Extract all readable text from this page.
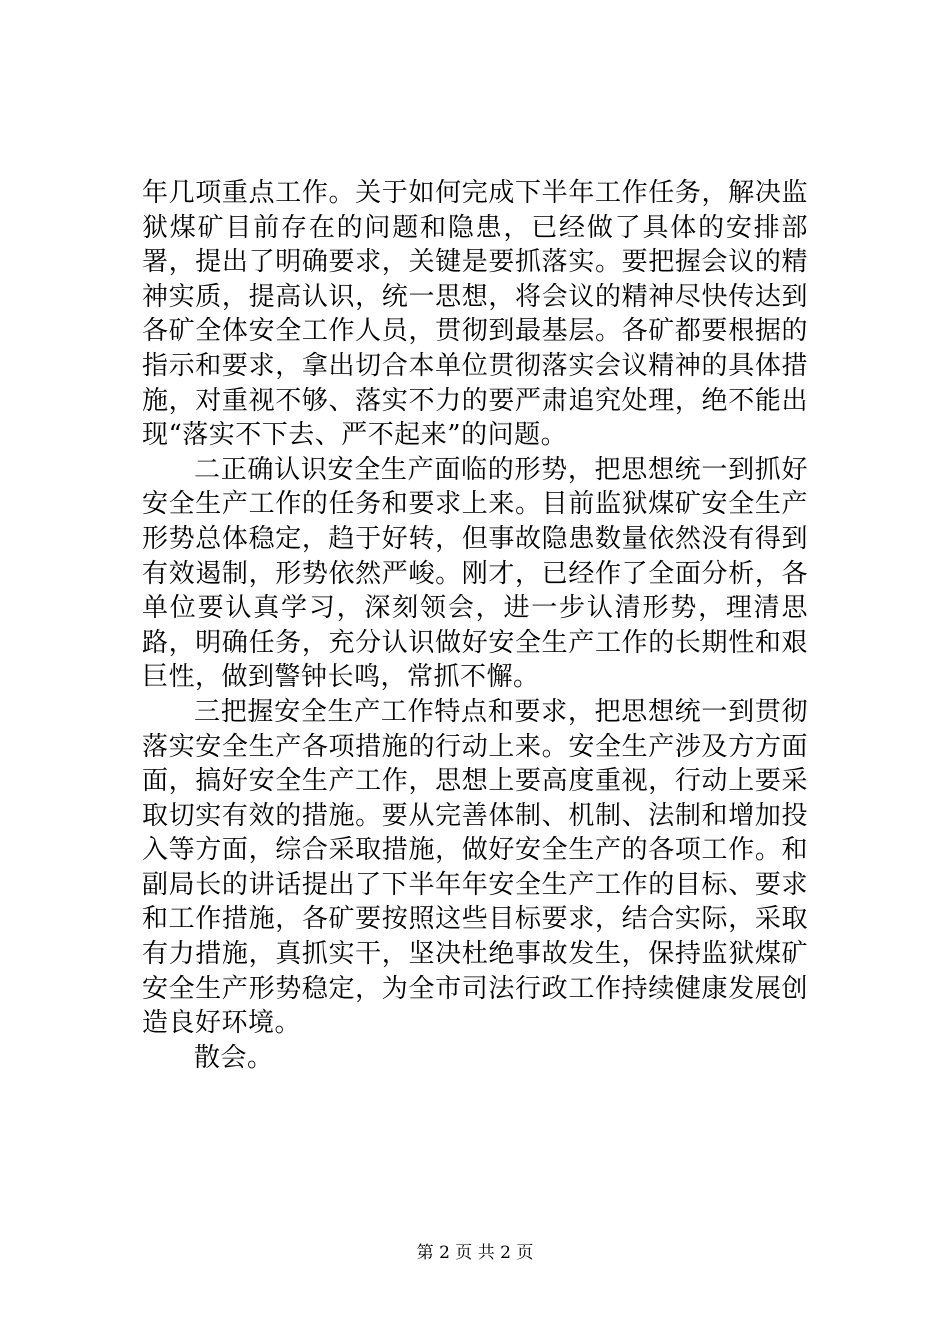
年几项重点工作。关于如何完成下半年工作任务，解决监狱煤矿目前存在的问题和隐患，已经做了具体的安排部署，提出了明确要求，关键是要抓落实。要把握会议的精神实质，提高认识，统一思想，将会议的精神尽快传达到各矿全体安全工作人员，贯彻到最基层。各矿都要根据的指示和要求，拿出切合本单位贯彻落实会议精神的具体措施，对重视不够、落实不力的要严肃追究处理，绝不能出现“落实不下去、严不起来”的问题。

二正确认识安全生产面临的形势，把思想统一到抓好安全生产工作的任务和要求上来。目前监狱煤矿安全生产形势总体稳定，趋于好转，但事故隐患数量依然没有得到有效遏制，形势依然严峻。刚才，已经作了全面分析，各单位要认真学习，深刻领会，进一步认清形势，理清思路，明确任务，充分认识做好安全生产工作的长期性和艰巨性，做到警钟长鸣，常抓不懈。

三把握安全生产工作特点和要求，把思想统一到贯彻落实安全生产各项措施的行动上来。安全生产涉及方方面面，搞好安全生产工作，思想上要高度重视，行动上要采取切实有效的措施。要从完善体制、机制、法制和增加投入等方面，综合采取措施，做好安全生产的各项工作。和副局长的讲话提出了下半年年安全生产工作的目标、要求和工作措施，各矿要按照这些目标要求，结合实际，采取有力措施，真抓实干，坚决杜绝事故发生，保持监狱煤矿安全生产形势稳定，为全市司法行政工作持续健康发展创造良好环境。

散会。

第 2 页 共 2 页
